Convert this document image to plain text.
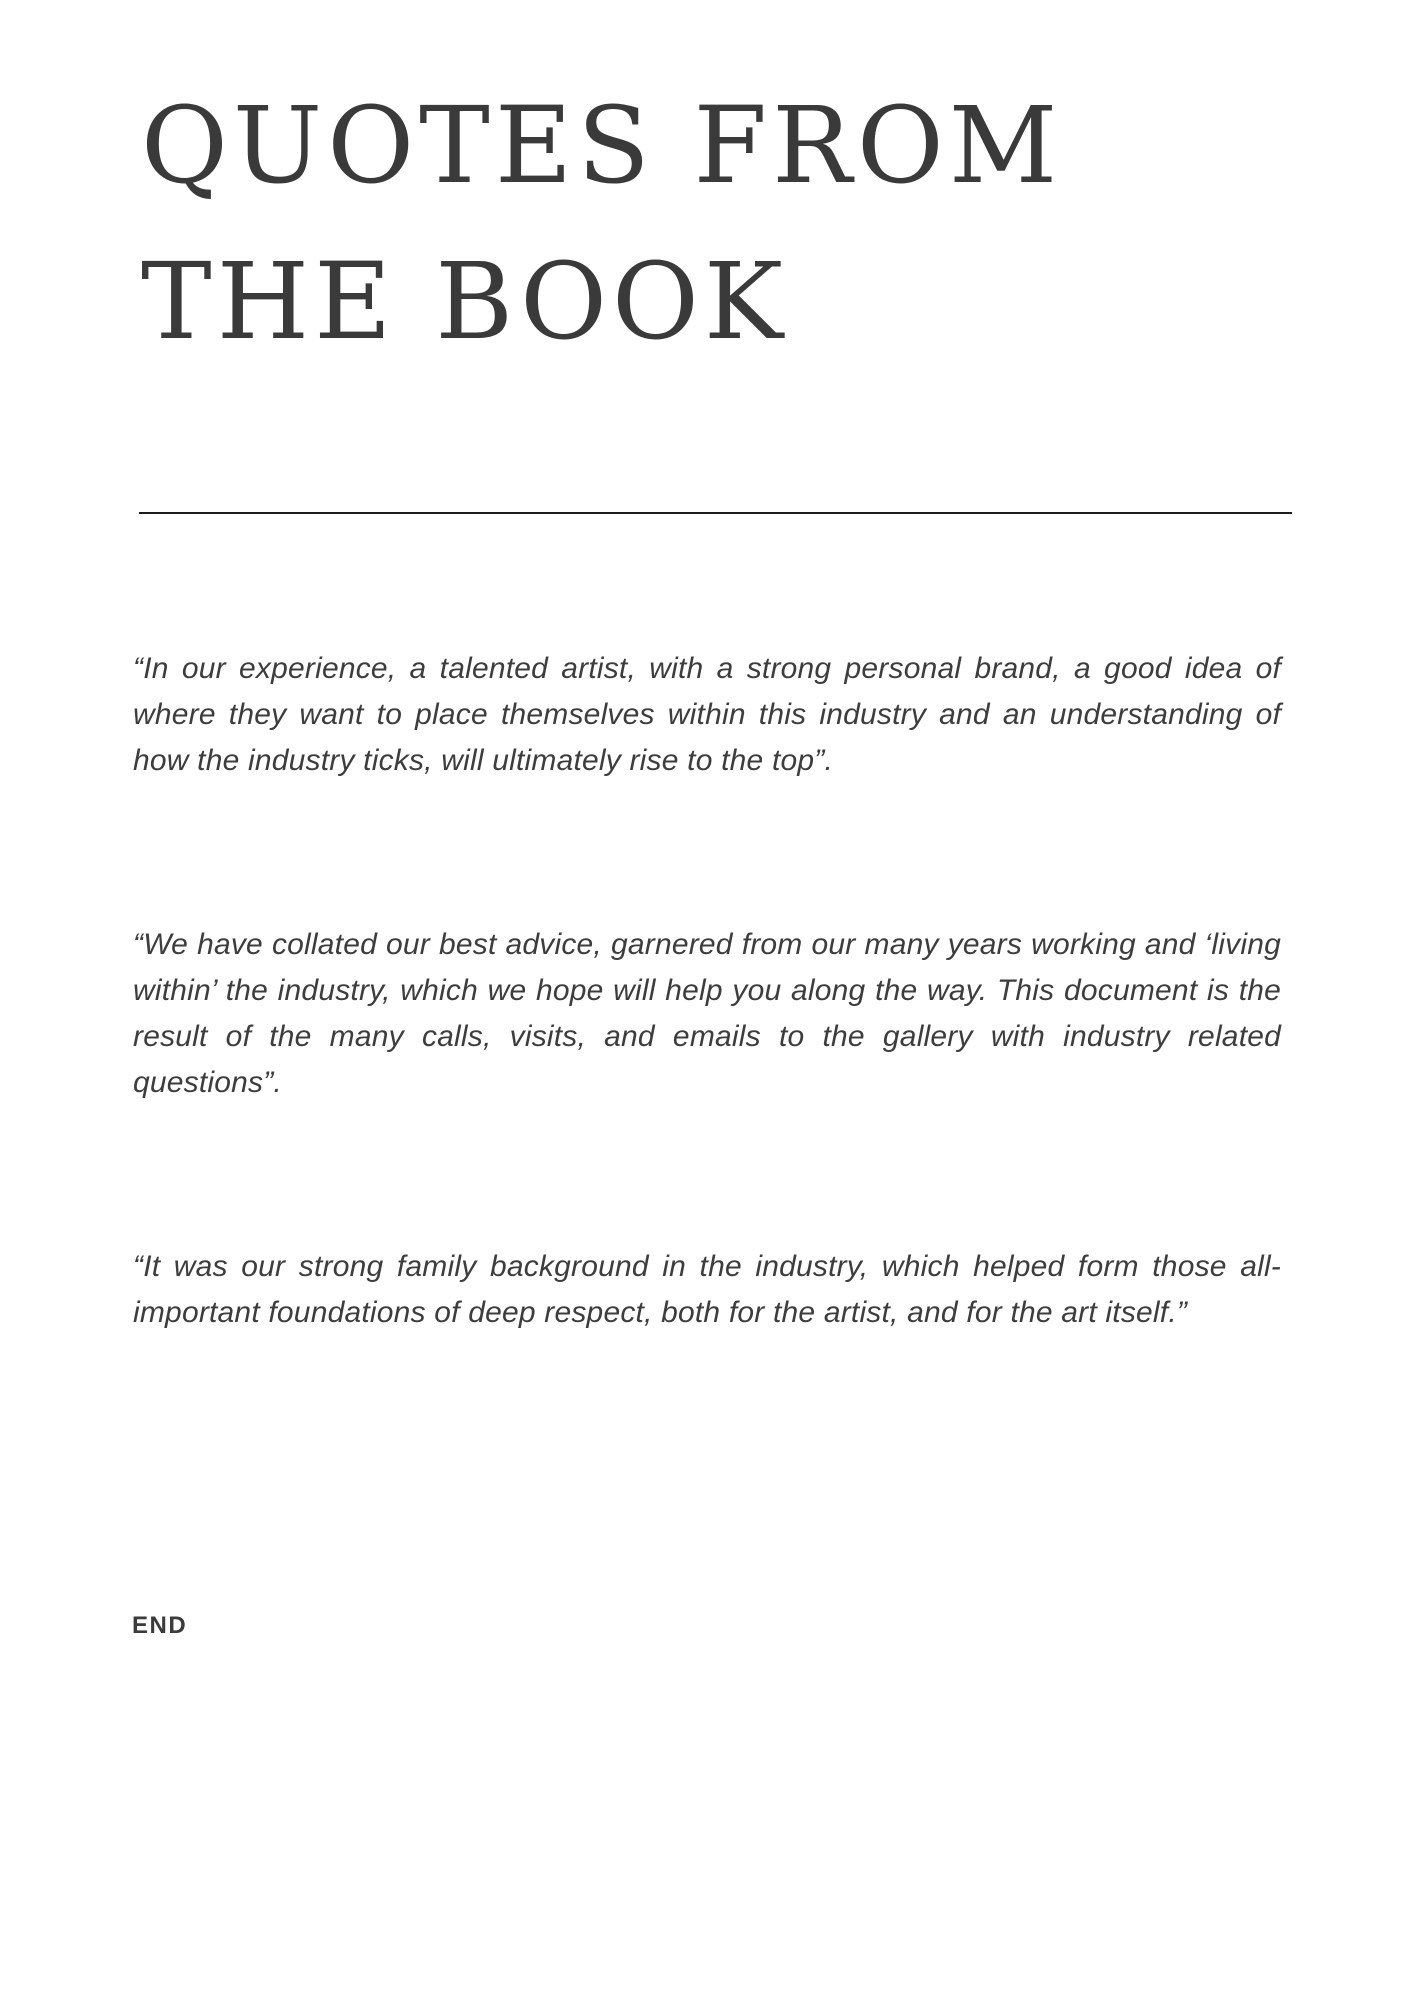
QUOTES FROM
THE BOOK

“In our experience, a talented artist, with a strong personal brand, a good idea of where they want to place themselves within this industry and an understanding of how the industry ticks, will ultimately rise to the top”.

“We have collated our best advice, garnered from our many years working and ‘living within’ the industry, which we hope will help you along the way. This document is the result of the many calls, visits, and emails to the gallery with industry related questions”.

“It was our strong family background in the industry, which helped form those all-important foundations of deep respect, both for the artist, and for the art itself.”

END
